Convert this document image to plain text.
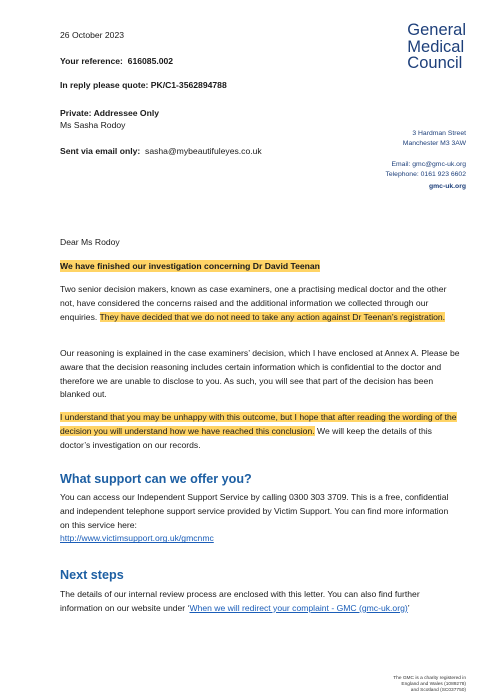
26 October 2023
Your reference: 616085.002
In reply please quote: PK/C1-3562894788
Private: Addressee Only
Ms Sasha Rodoy
Sent via email only: sasha@mybeautifuleyes.co.uk
General
Medical
Council
3 Hardman Street
Manchester M3 3AW
Email: gmc@gmc-uk.org
Telephone: 0161 923 6602
gmc-uk.org
Dear Ms Rodoy
We have finished our investigation concerning Dr David Teenan
Two senior decision makers, known as case examiners, one a practising medical doctor and the other not, have considered the concerns raised and the additional information we collected through our enquiries. They have decided that we do not need to take any action against Dr Teenan’s registration.
Our reasoning is explained in the case examiners’ decision, which I have enclosed at Annex A. Please be aware that the decision reasoning includes certain information which is confidential to the doctor and therefore we are unable to disclose to you. As such, you will see that part of the decision has been blanked out.
I understand that you may be unhappy with this outcome, but I hope that after reading the wording of the decision you will understand how we have reached this conclusion. We will keep the details of this doctor’s investigation on our records.
What support can we offer you?
You can access our Independent Support Service by calling 0300 303 3709. This is a free, confidential and independent telephone support service provided by Victim Support. You can find more information on this service here:
http://www.victimsupport.org.uk/gmcnmc
Next steps
The details of our internal review process are enclosed with this letter. You can also find further information on our website under ‘When we will redirect your complaint - GMC (gmc-uk.org)’
The GMC is a charity registered in
England and Wales (1089278)
and Scotland (SC037750)
